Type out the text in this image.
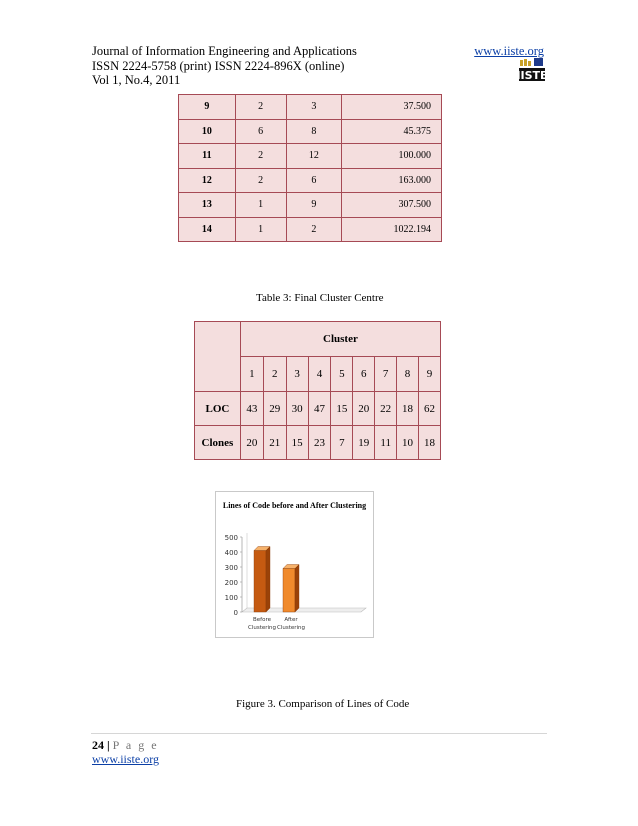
Journal of Information Engineering and Applications
ISSN 2224-5758 (print) ISSN 2224-896X (online)
Vol 1, No.4, 2011
www.iiste.org
IISTE
9	2	3	37.500
10	6	8	45.375
11	2	12	100.000
12	2	6	163.000
13	1	9	307.500
14	1	2	1022.194
Table 3: Final Cluster Centre
	Cluster								
	1	2	3	4	5	6	7	8	9
LOC	43	29	30	47	15	20	22	18	62
Clones	20	21	15	23	7	19	11	10	18
Lines of Code before and After Clustering
0
100
200
300
400
500
Before
Clustering
After
Clustering
Figure 3. Comparison of Lines of Code
24 | P a g e
www.iiste.org
